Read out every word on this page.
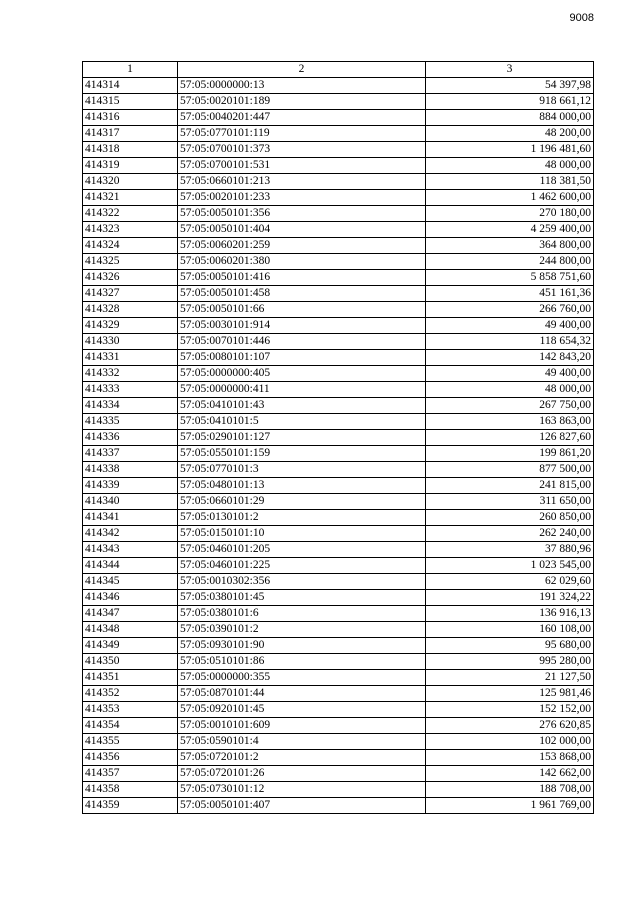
9008
1	2	3
414314	57:05:0000000:13	54 397,98
414315	57:05:0020101:189	918 661,12
414316	57:05:0040201:447	884 000,00
414317	57:05:0770101:119	48 200,00
414318	57:05:0700101:373	1 196 481,60
414319	57:05:0700101:531	48 000,00
414320	57:05:0660101:213	118 381,50
414321	57:05:0020101:233	1 462 600,00
414322	57:05:0050101:356	270 180,00
414323	57:05:0050101:404	4 259 400,00
414324	57:05:0060201:259	364 800,00
414325	57:05:0060201:380	244 800,00
414326	57:05:0050101:416	5 858 751,60
414327	57:05:0050101:458	451 161,36
414328	57:05:0050101:66	266 760,00
414329	57:05:0030101:914	49 400,00
414330	57:05:0070101:446	118 654,32
414331	57:05:0080101:107	142 843,20
414332	57:05:0000000:405	49 400,00
414333	57:05:0000000:411	48 000,00
414334	57:05:0410101:43	267 750,00
414335	57:05:0410101:5	163 863,00
414336	57:05:0290101:127	126 827,60
414337	57:05:0550101:159	199 861,20
414338	57:05:0770101:3	877 500,00
414339	57:05:0480101:13	241 815,00
414340	57:05:0660101:29	311 650,00
414341	57:05:0130101:2	260 850,00
414342	57:05:0150101:10	262 240,00
414343	57:05:0460101:205	37 880,96
414344	57:05:0460101:225	1 023 545,00
414345	57:05:0010302:356	62 029,60
414346	57:05:0380101:45	191 324,22
414347	57:05:0380101:6	136 916,13
414348	57:05:0390101:2	160 108,00
414349	57:05:0930101:90	95 680,00
414350	57:05:0510101:86	995 280,00
414351	57:05:0000000:355	21 127,50
414352	57:05:0870101:44	125 981,46
414353	57:05:0920101:45	152 152,00
414354	57:05:0010101:609	276 620,85
414355	57:05:0590101:4	102 000,00
414356	57:05:0720101:2	153 868,00
414357	57:05:0720101:26	142 662,00
414358	57:05:0730101:12	188 708,00
414359	57:05:0050101:407	1 961 769,00
